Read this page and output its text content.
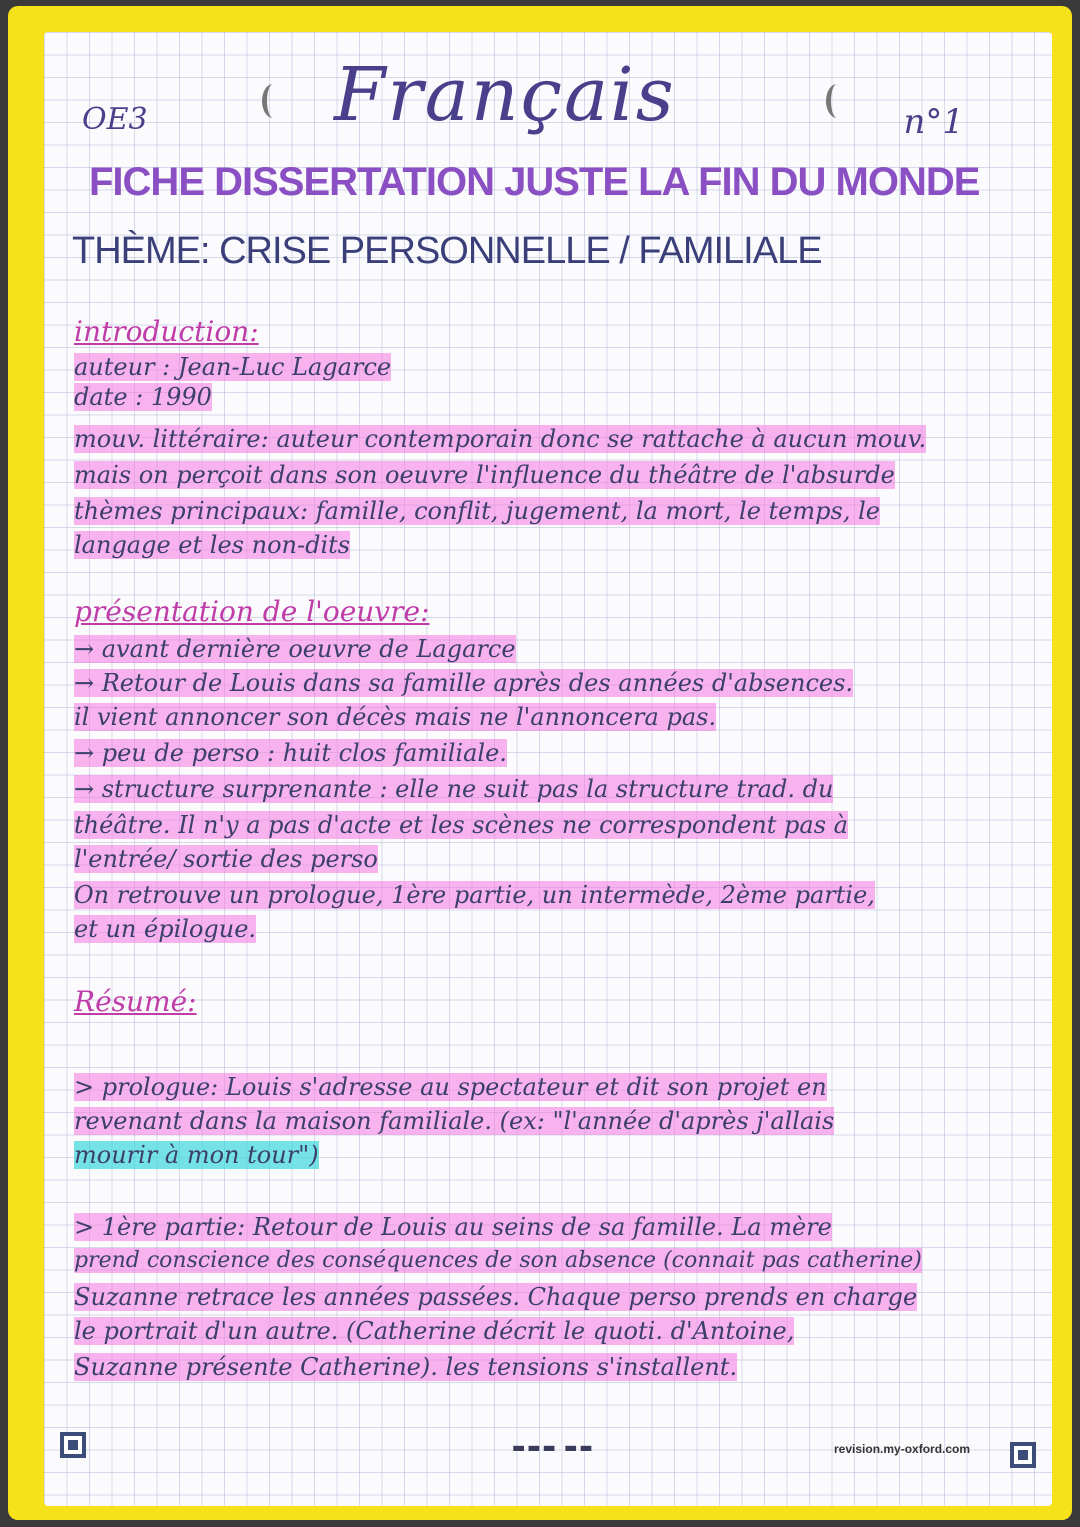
OE3	Français	n°1
FICHE DISSERTATION JUSTE LA FIN DU MONDE
THÈME: CRISE PERSONNELLE / FAMILIALE
introduction:
auteur : Jean-Luc Lagarce
date : 1990
mouv. littéraire: auteur contemporain donc se rattache à aucun mouv.
mais on perçoit dans son oeuvre l'influence du théâtre de l'absurde
thèmes principaux: famille, conflit, jugement, la mort, le temps, le
langage et les non-dits
présentation de l'oeuvre:
→ avant dernière oeuvre de Lagarce
→ Retour de Louis dans sa famille après des années d'absences.
il vient annoncer son décès mais ne l'annoncera pas.
→ peu de perso : huit clos familiale.
→ structure surprenante : elle ne suit pas la structure trad. du
théâtre. Il n'y a pas d'acte et les scènes ne correspondent pas à
l'entrée/ sortie des perso
On retrouve un prologue, 1ère partie, un intermède, 2ème partie,
et un épilogue.
Résumé:
> prologue: Louis s'adresse au spectateur et dit son projet en
revenant dans la maison familiale. (ex: "l'année d'après j'allais
mourir à mon tour")
> 1ère partie: Retour de Louis au seins de sa famille. La mère
prend conscience des conséquences de son absence (connait pas catherine)
Suzanne retrace les années passées. Chaque perso prends en charge
le portrait d'un autre. (Catherine décrit le quoti. d'Antoine,
Suzanne présente Catherine). les tensions s'installent.
▬▬▬ ▬▬	revision.my-oxford.com
